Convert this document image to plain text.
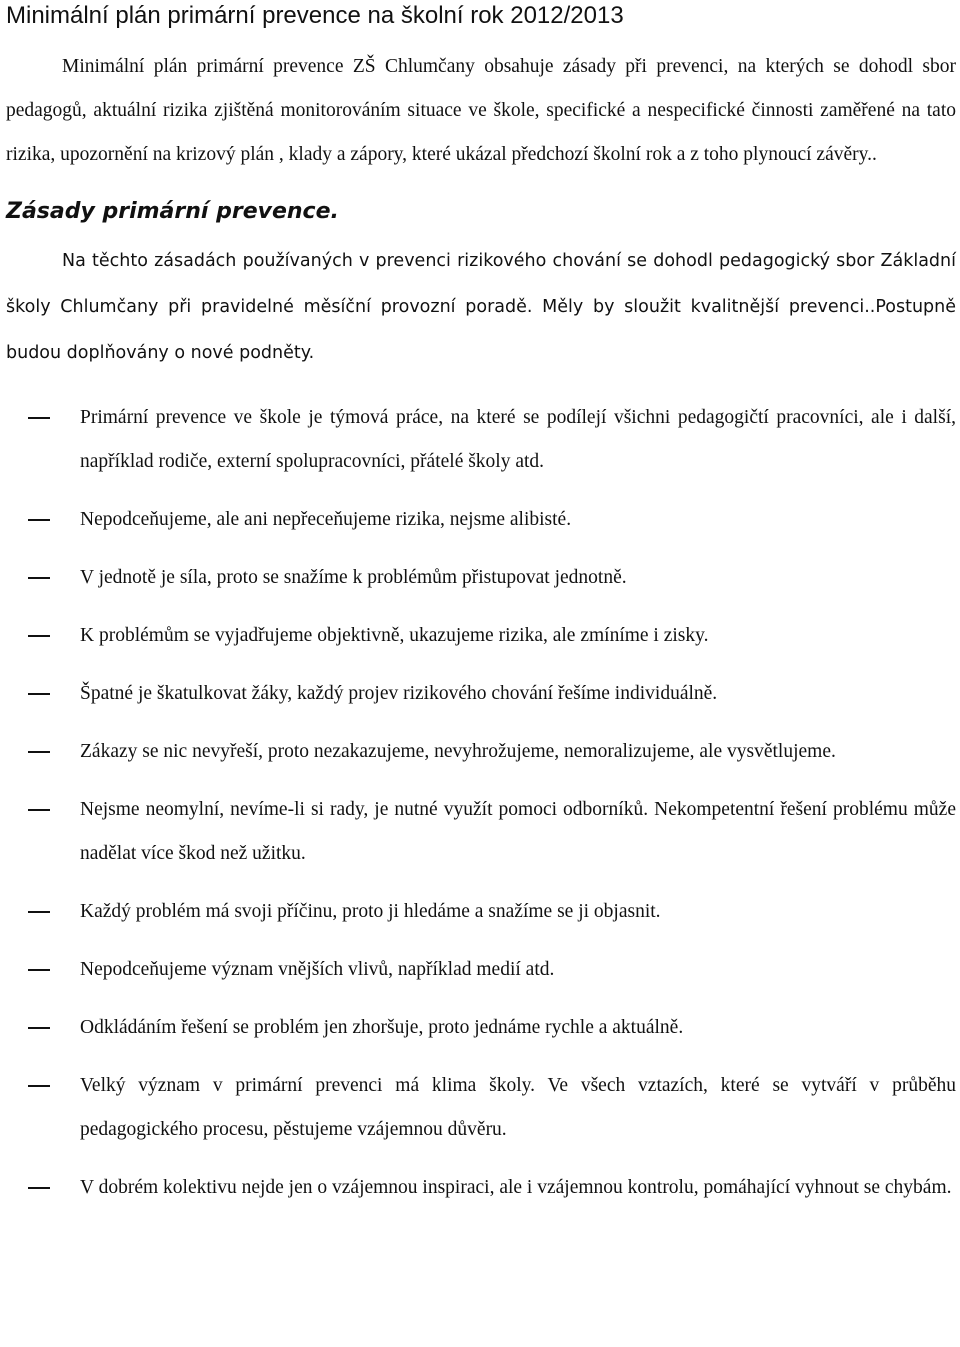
Minimální plán primární prevence na školní rok 2012/2013

Minimální plán primární prevence ZŠ Chlumčany obsahuje zásady při prevenci, na kterých se dohodl sbor pedagogů, aktuální rizika zjištěná monitorováním situace ve škole, specifické a nespecifické činnosti zaměřené na tato rizika, upozornění na krizový plán , klady a zápory, které ukázal předchozí školní rok a z toho plynoucí závěry..

Zásady primární prevence.

Na těchto zásadách používaných v prevenci rizikového chování se dohodl pedagogický sbor Základní školy Chlumčany při pravidelné měsíční provozní poradě. Měly by sloužit kvalitnější prevenci..Postupně budou doplňovány o nové podněty.

Primární prevence ve škole je týmová práce, na které se podílejí všichni pedagogičtí pracovníci, ale i další, například rodiče, externí spolupracovníci, přátelé školy atd.
Nepodceňujeme, ale ani nepřeceňujeme rizika, nejsme alibisté.
V jednotě je síla, proto se snažíme k problémům přistupovat jednotně.
K problémům se vyjadřujeme objektivně, ukazujeme rizika, ale zmíníme i zisky.
Špatné je škatulkovat žáky, každý projev rizikového chování řešíme individuálně.
Zákazy se nic nevyřeší, proto nezakazujeme, nevyhrožujeme, nemoralizujeme, ale vysvětlujeme.
Nejsme neomylní, nevíme-li si rady, je nutné využít pomoci odborníků. Nekompetentní řešení problému může nadělat více škod než užitku.
Každý problém má svoji příčinu, proto ji hledáme a snažíme se ji objasnit.
Nepodceňujeme význam vnějších vlivů, například medií atd.
Odkládáním řešení se problém jen zhoršuje, proto jednáme rychle a aktuálně.
Velký význam v primární prevenci má klima školy. Ve všech vztazích, které se vytváří v průběhu pedagogického procesu, pěstujeme vzájemnou důvěru.
V dobrém kolektivu nejde jen o vzájemnou inspiraci, ale i vzájemnou kontrolu, pomáhající vyhnout se chybám.
